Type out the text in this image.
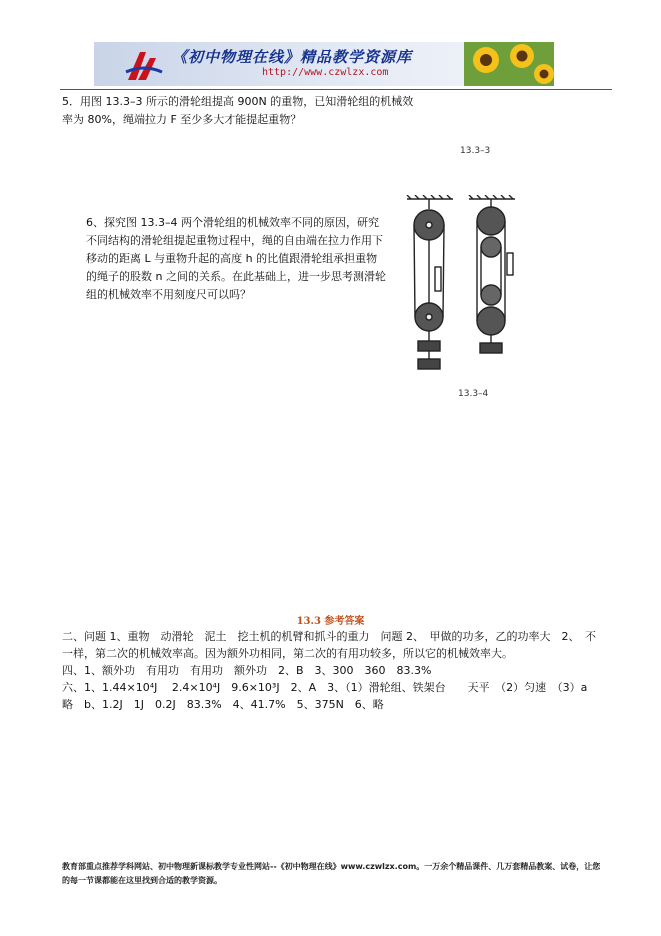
《初中物理在线》精品教学资源库
http://www.czwlzx.com
5．用图 13.3–3 所示的滑轮组提高 900N 的重物，已知滑轮组的机械效率为 80%，绳端拉力 F 至少多大才能提起重物？
13.3–3
6、探究图 13.3–4 两个滑轮组的机械效率不同的原因，研究不同结构的滑轮组提起重物过程中，绳的自由端在拉力作用下移动的距离 L 与重物升起的高度 h 的比值跟滑轮组承担重物的绳子的股数 n 之间的关系。在此基础上，进一步思考测滑轮组的机械效率不用刻度尺可以吗？
13.3–4
13.3 参考答案

二、问题 1、重物　动滑轮　泥土　挖土机的机臂和抓斗的重力　问题 2、　甲做的功多，乙的功率大　2、　不一样，第二次的机械效率高。因为额外功相同，第二次的有用功较多，所以它的机械效率大。

四、1、额外功　有用功　有用功　额外功　2、B　3、300　360　83.3%

六、1、1.44×10⁴J　 2.4×10⁴J　9.6×10³J　2、A　3、（1）滑轮组、铁架台　　天平　（2）匀速　（3）a 略　b、1.2J　1J　0.2J　83.3%　4、41.7%　5、375N　6、略

教育部重点推荐学科网站、初中物理新课标教学专业性网站--《初中物理在线》www.czwlzx.com。一万余个精品课件、几万套精品教案、试卷，让您的每一节课都能在这里找到合适的教学资源。
